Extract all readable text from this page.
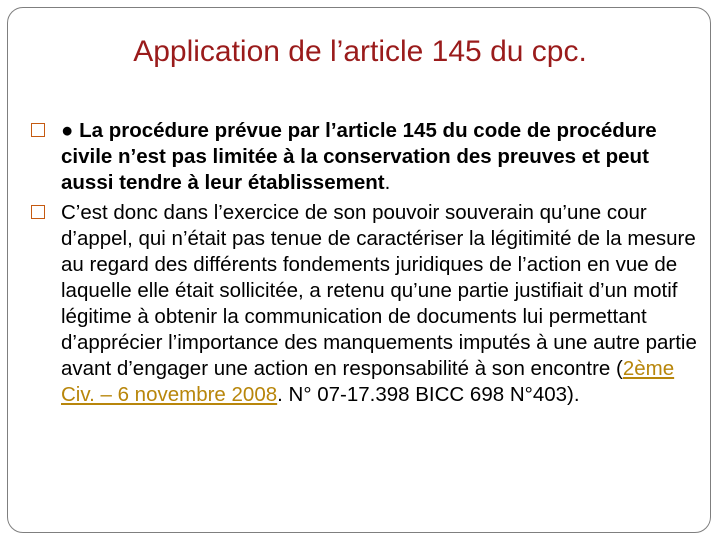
Application de l’article 145 du cpc.
● La procédure prévue par l’article 145 du code de procédure civile n’est pas limitée à la conservation des preuves et peut aussi tendre à leur établissement.
C’est donc dans l’exercice de son pouvoir souverain qu’une cour d’appel, qui n’était pas tenue de caractériser la légitimité de la mesure au regard des différents fondements juridiques de l’action en vue de laquelle elle était sollicitée, a retenu qu’une partie justifiait d’un motif légitime à obtenir la communication de documents lui permettant d’apprécier l’importance des manquements imputés à une autre partie avant d’engager une action en responsabilité à son encontre (2ème Civ. – 6 novembre 2008. N° 07-17.398 BICC 698 N°403).
